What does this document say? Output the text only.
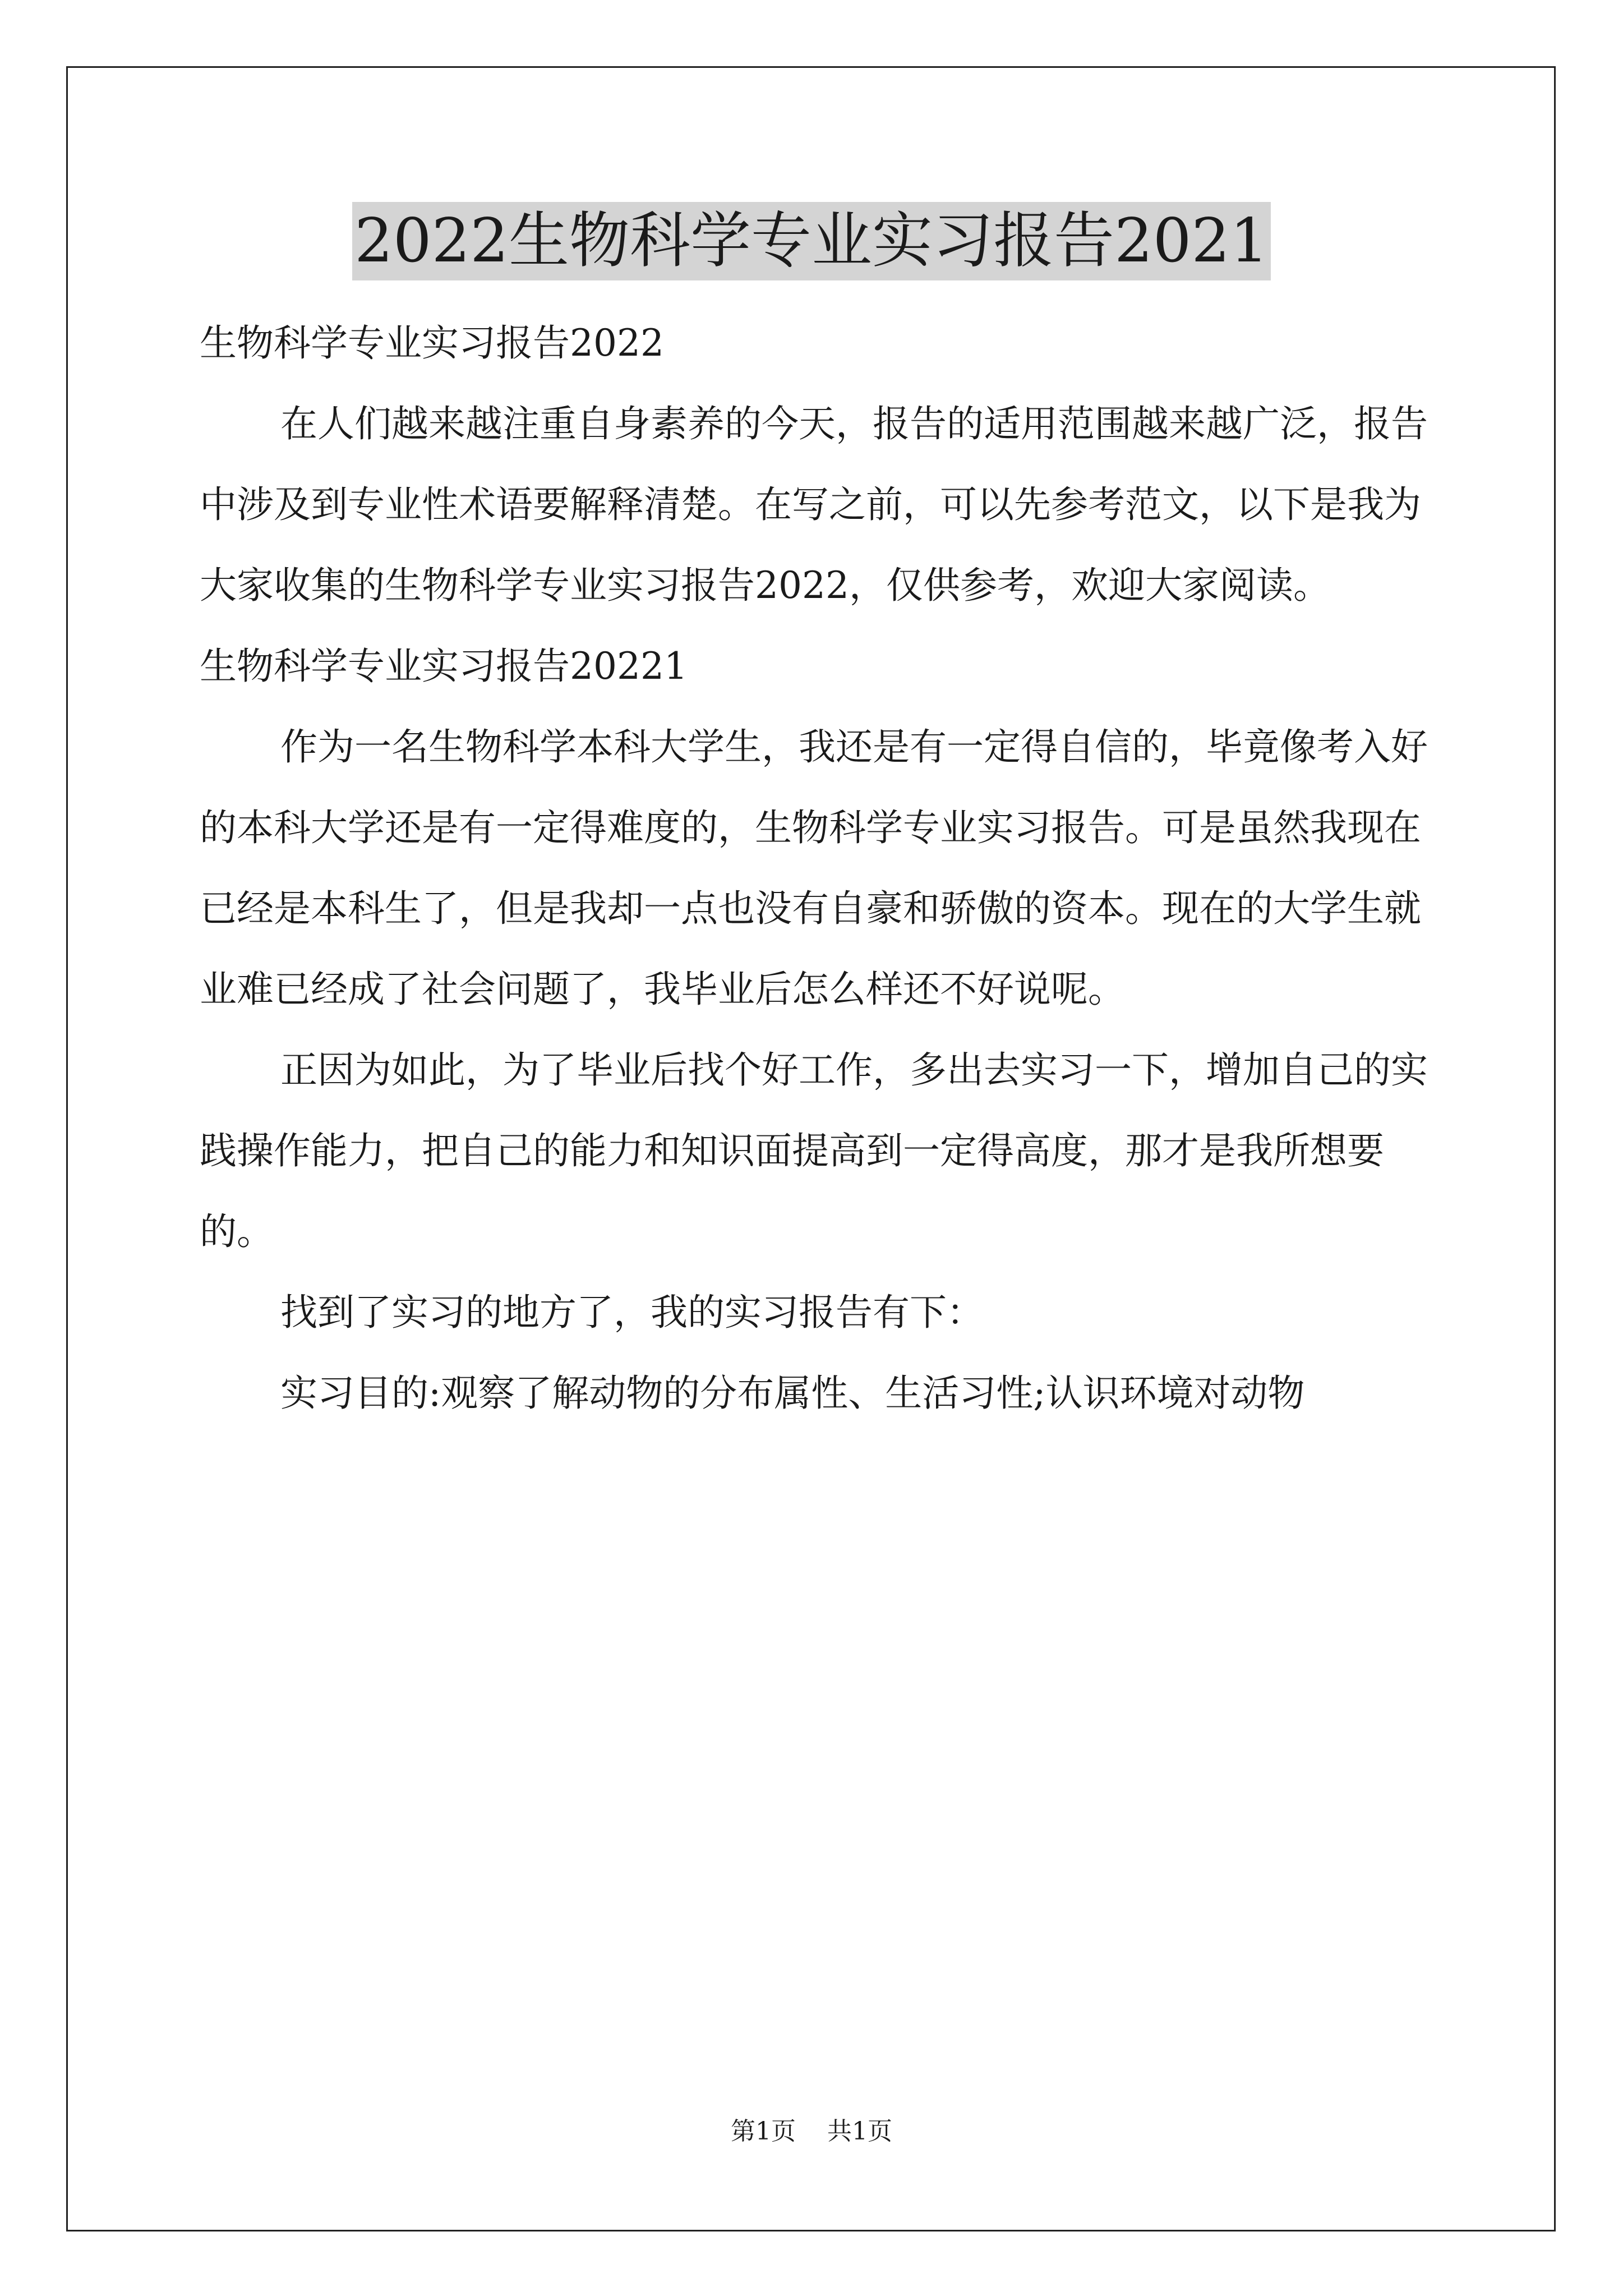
2022生物科学专业实习报告2021

生物科学专业实习报告2022

在人们越来越注重自身素养的今天，报告的适用范围越来越广泛，报告中涉及到专业性术语要解释清楚。在写之前，可以先参考范文，以下是我为大家收集的生物科学专业实习报告2022，仅供参考，欢迎大家阅读。

生物科学专业实习报告20221

作为一名生物科学本科大学生，我还是有一定得自信的，毕竟像考入好的本科大学还是有一定得难度的，生物科学专业实习报告。可是虽然我现在已经是本科生了，但是我却一点也没有自豪和骄傲的资本。现在的大学生就业难已经成了社会问题了，我毕业后怎么样还不好说呢。

正因为如此，为了毕业后找个好工作，多出去实习一下，增加自己的实践操作能力，把自己的能力和知识面提高到一定得高度，那才是我所想要的。

找到了实习的地方了，我的实习报告有下：

实习目的:观察了解动物的分布属性、生活习性;认识环境对动物

第1页 共1页
